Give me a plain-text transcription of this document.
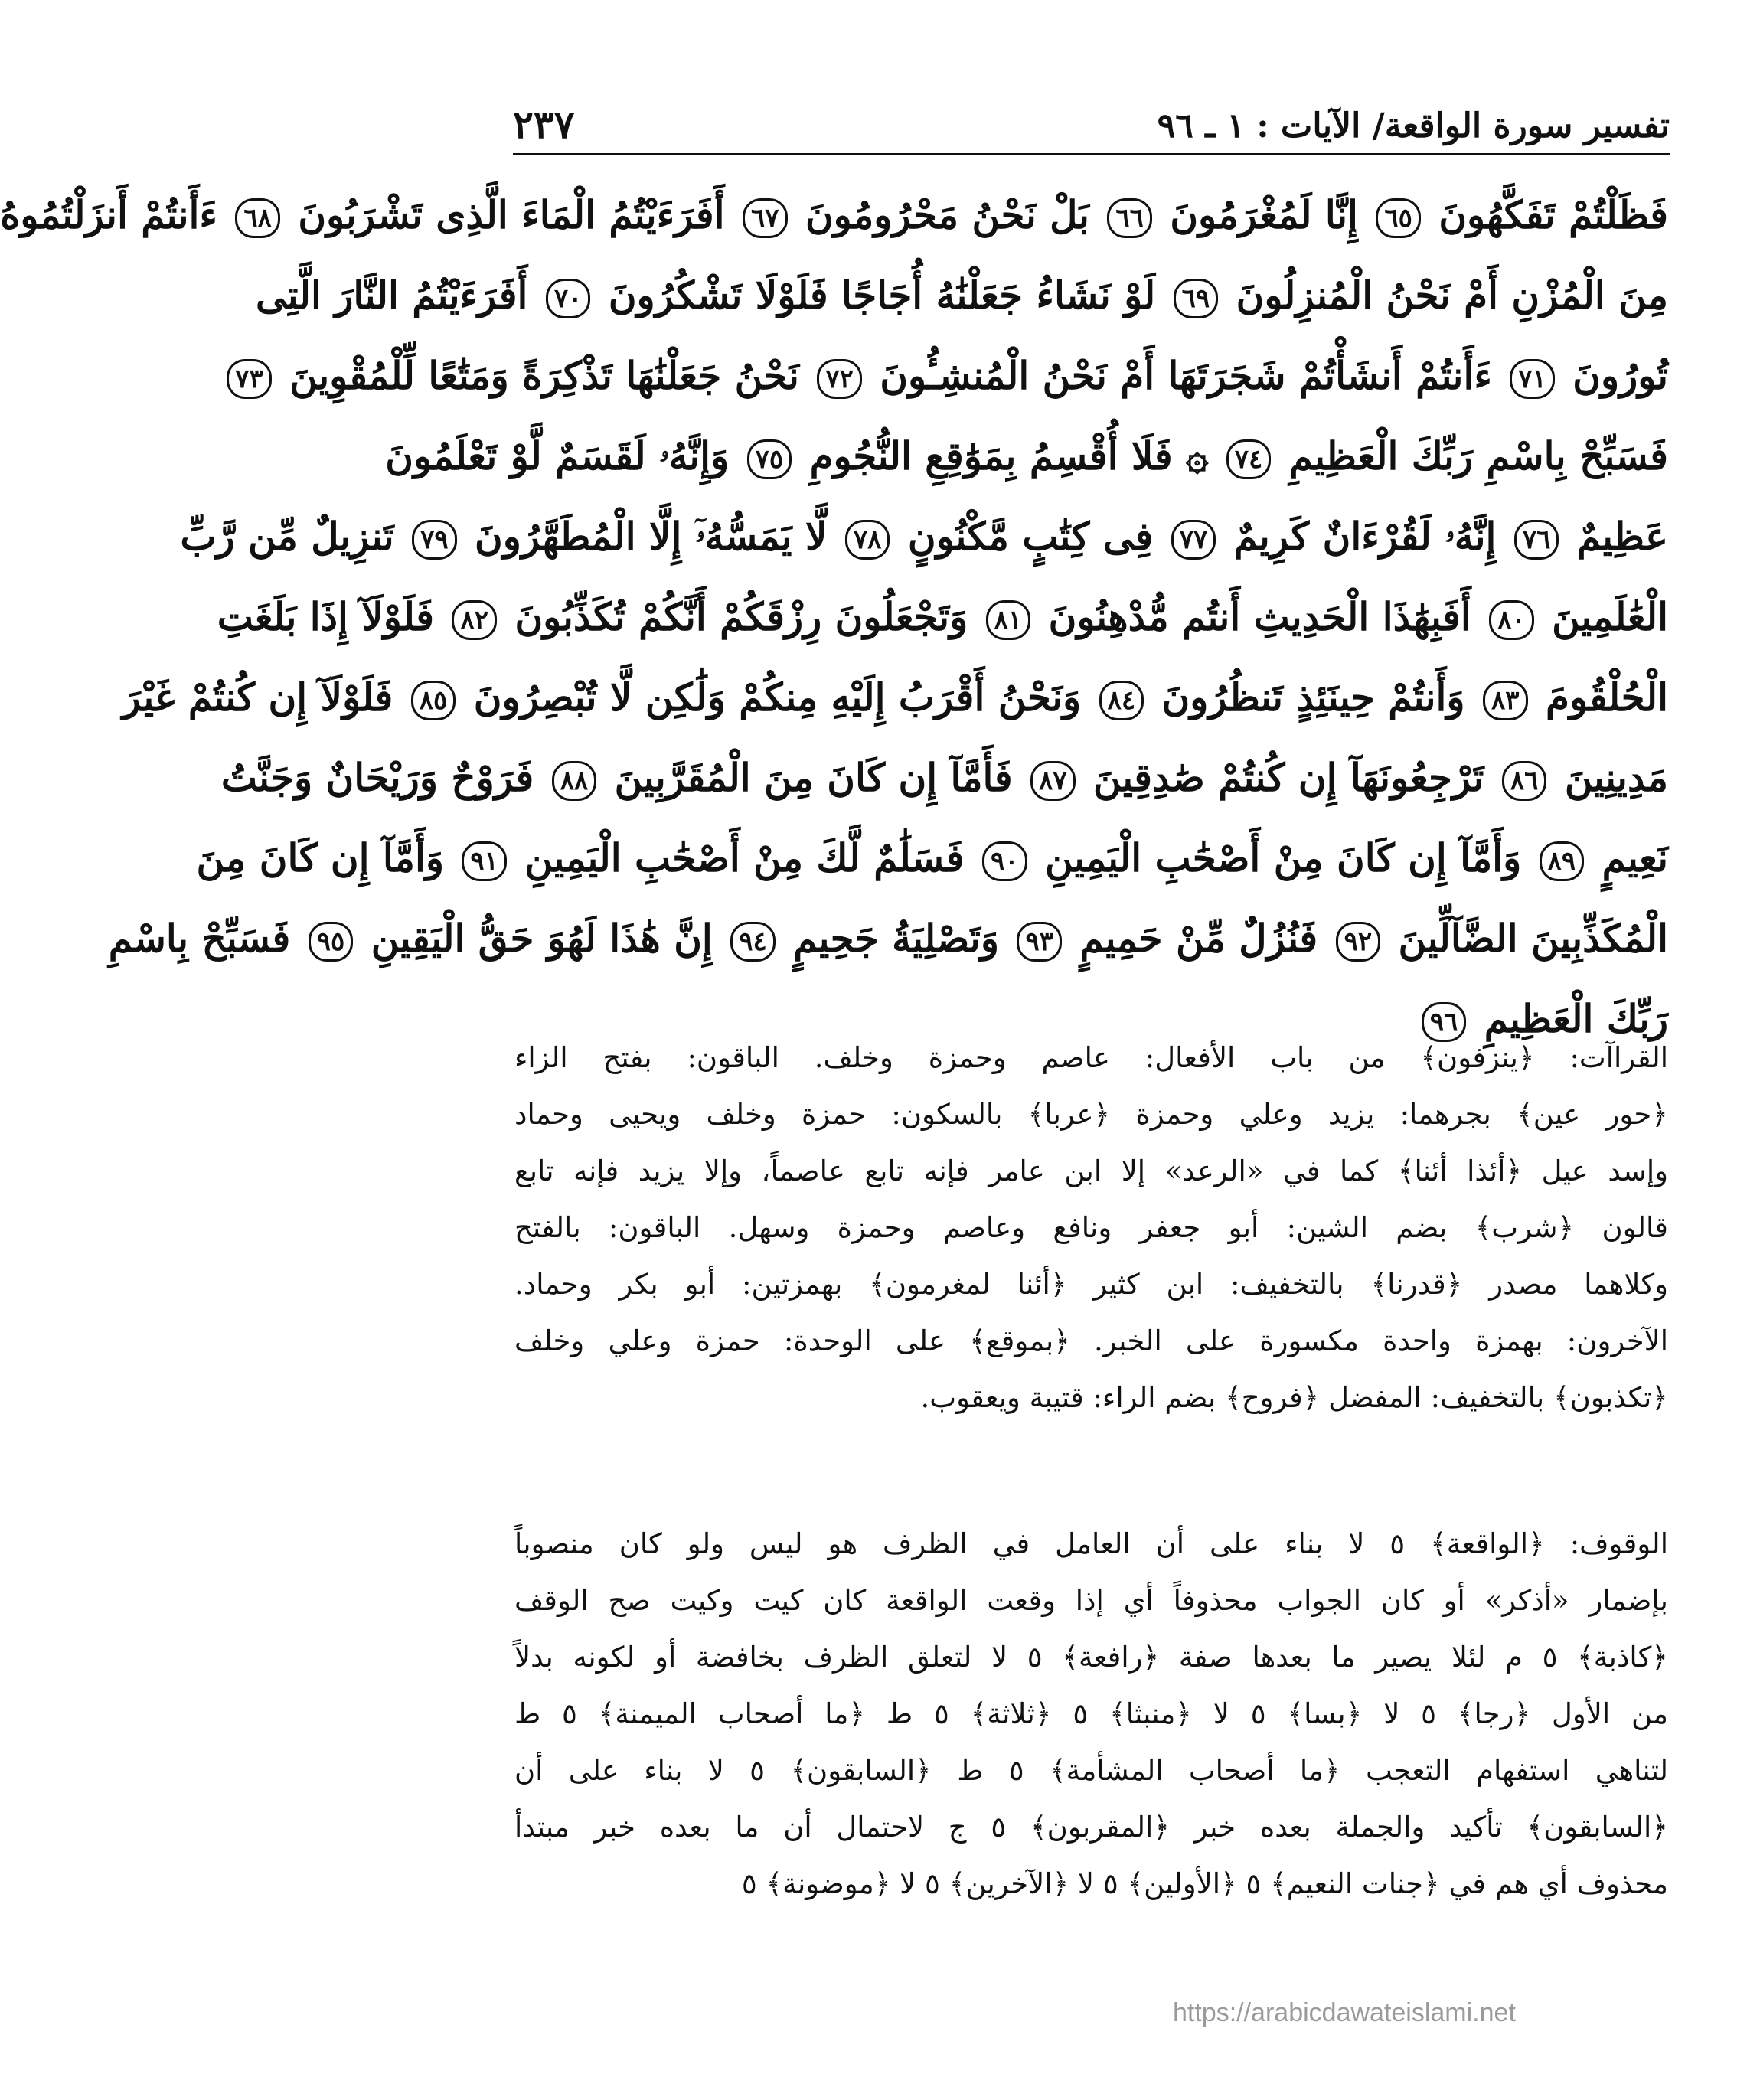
تفسير سورة الواقعة/ الآيات : ١ ـ ٩٦
٢٣٧
فَظَلْتُمْ تَفَكَّهُونَ ٦٥ إِنَّا لَمُغْرَمُونَ ٦٦ بَلْ نَحْنُ مَحْرُومُونَ ٦٧ أَفَرَءَيْتُمُ الْمَاءَ الَّذِى تَشْرَبُونَ ٦٨ ءَأَنتُمْ أَنزَلْتُمُوهُ
مِنَ الْمُزْنِ أَمْ نَحْنُ الْمُنزِلُونَ ٦٩ لَوْ نَشَاءُ جَعَلْنَٰهُ أُجَاجًا فَلَوْلَا تَشْكُرُونَ ٧٠ أَفَرَءَيْتُمُ النَّارَ الَّتِى
تُورُونَ ٧١ ءَأَنتُمْ أَنشَأْتُمْ شَجَرَتَهَا أَمْ نَحْنُ الْمُنشِـُٔونَ ٧٢ نَحْنُ جَعَلْنَٰهَا تَذْكِرَةً وَمَتَٰعًا لِّلْمُقْوِينَ ٧٣
فَسَبِّحْ بِاسْمِ رَبِّكَ الْعَظِيمِ ٧٤ ۞ فَلَا أُقْسِمُ بِمَوَٰقِعِ النُّجُومِ ٧٥ وَإِنَّهُۥ لَقَسَمٌ لَّوْ تَعْلَمُونَ
عَظِيمٌ ٧٦ إِنَّهُۥ لَقُرْءَانٌ كَرِيمٌ ٧٧ فِى كِتَٰبٍ مَّكْنُونٍ ٧٨ لَّا يَمَسُّهُۥٓ إِلَّا الْمُطَهَّرُونَ ٧٩ تَنزِيلٌ مِّن رَّبِّ
الْعَٰلَمِينَ ٨٠ أَفَبِهَٰذَا الْحَدِيثِ أَنتُم مُّدْهِنُونَ ٨١ وَتَجْعَلُونَ رِزْقَكُمْ أَنَّكُمْ تُكَذِّبُونَ ٨٢ فَلَوْلَآ إِذَا بَلَغَتِ
الْحُلْقُومَ ٨٣ وَأَنتُمْ حِينَئِذٍ تَنظُرُونَ ٨٤ وَنَحْنُ أَقْرَبُ إِلَيْهِ مِنكُمْ وَلَٰكِن لَّا تُبْصِرُونَ ٨٥ فَلَوْلَآ إِن كُنتُمْ غَيْرَ
مَدِينِينَ ٨٦ تَرْجِعُونَهَآ إِن كُنتُمْ صَٰدِقِينَ ٨٧ فَأَمَّآ إِن كَانَ مِنَ الْمُقَرَّبِينَ ٨٨ فَرَوْحٌ وَرَيْحَانٌ وَجَنَّتُ
نَعِيمٍ ٨٩ وَأَمَّآ إِن كَانَ مِنْ أَصْحَٰبِ الْيَمِينِ ٩٠ فَسَلَٰمٌ لَّكَ مِنْ أَصْحَٰبِ الْيَمِينِ ٩١ وَأَمَّآ إِن كَانَ مِنَ
الْمُكَذِّبِينَ الضَّآلِّينَ ٩٢ فَنُزُلٌ مِّنْ حَمِيمٍ ٩٣ وَتَصْلِيَةُ جَحِيمٍ ٩٤ إِنَّ هَٰذَا لَهُوَ حَقُّ الْيَقِينِ ٩٥ فَسَبِّحْ بِاسْمِ
رَبِّكَ الْعَظِيمِ ٩٦
القراآت: ﴿ينزفون﴾ من باب الأفعال: عاصم وحمزة وخلف. الباقون: بفتح الزاء
﴿حور عين﴾ بجرهما: يزيد وعلي وحمزة ﴿عربا﴾ بالسكون: حمزة وخلف ويحيى وحماد
وإسد عيل ﴿أئذا أئنا﴾ كما في «الرعد» إلا ابن عامر فإنه تابع عاصماً، وإلا يزيد فإنه تابع
قالون ﴿شرب﴾ بضم الشين: أبو جعفر ونافع وعاصم وحمزة وسهل. الباقون: بالفتح
وكلاهما مصدر ﴿قدرنا﴾ بالتخفيف: ابن كثير ﴿أئنا لمغرمون﴾ بهمزتين: أبو بكر وحماد.
الآخرون: بهمزة واحدة مكسورة على الخبر. ﴿بموقع﴾ على الوحدة: حمزة وعلي وخلف
﴿تكذبون﴾ بالتخفيف: المفضل ﴿فروح﴾ بضم الراء: قتيبة ويعقوب.
الوقوف: ﴿الواقعة﴾ ٥ لا بناء على أن العامل في الظرف هو ليس ولو كان منصوباً
بإضمار «أذكر» أو كان الجواب محذوفاً أي إذا وقعت الواقعة كان كيت وكيت صح الوقف
﴿كاذبة﴾ ٥ م لئلا يصير ما بعدها صفة ﴿رافعة﴾ ٥ لا لتعلق الظرف بخافضة أو لكونه بدلاً
من الأول ﴿رجا﴾ ٥ لا ﴿بسا﴾ ٥ لا ﴿منبثا﴾ ٥ ﴿ثلاثة﴾ ٥ ط ﴿ما أصحاب الميمنة﴾ ٥ ط
لتناهي استفهام التعجب ﴿ما أصحاب المشأمة﴾ ٥ ط ﴿السابقون﴾ ٥ لا بناء على أن
﴿السابقون﴾ تأكيد والجملة بعده خبر ﴿المقربون﴾ ٥ ج لاحتمال أن ما بعده خبر مبتدأ
محذوف أي هم في ﴿جنات النعيم﴾ ٥ ﴿الأولين﴾ ٥ لا ﴿الآخرين﴾ ٥ لا ﴿موضونة﴾ ٥
https://arabicdawateislami.net
